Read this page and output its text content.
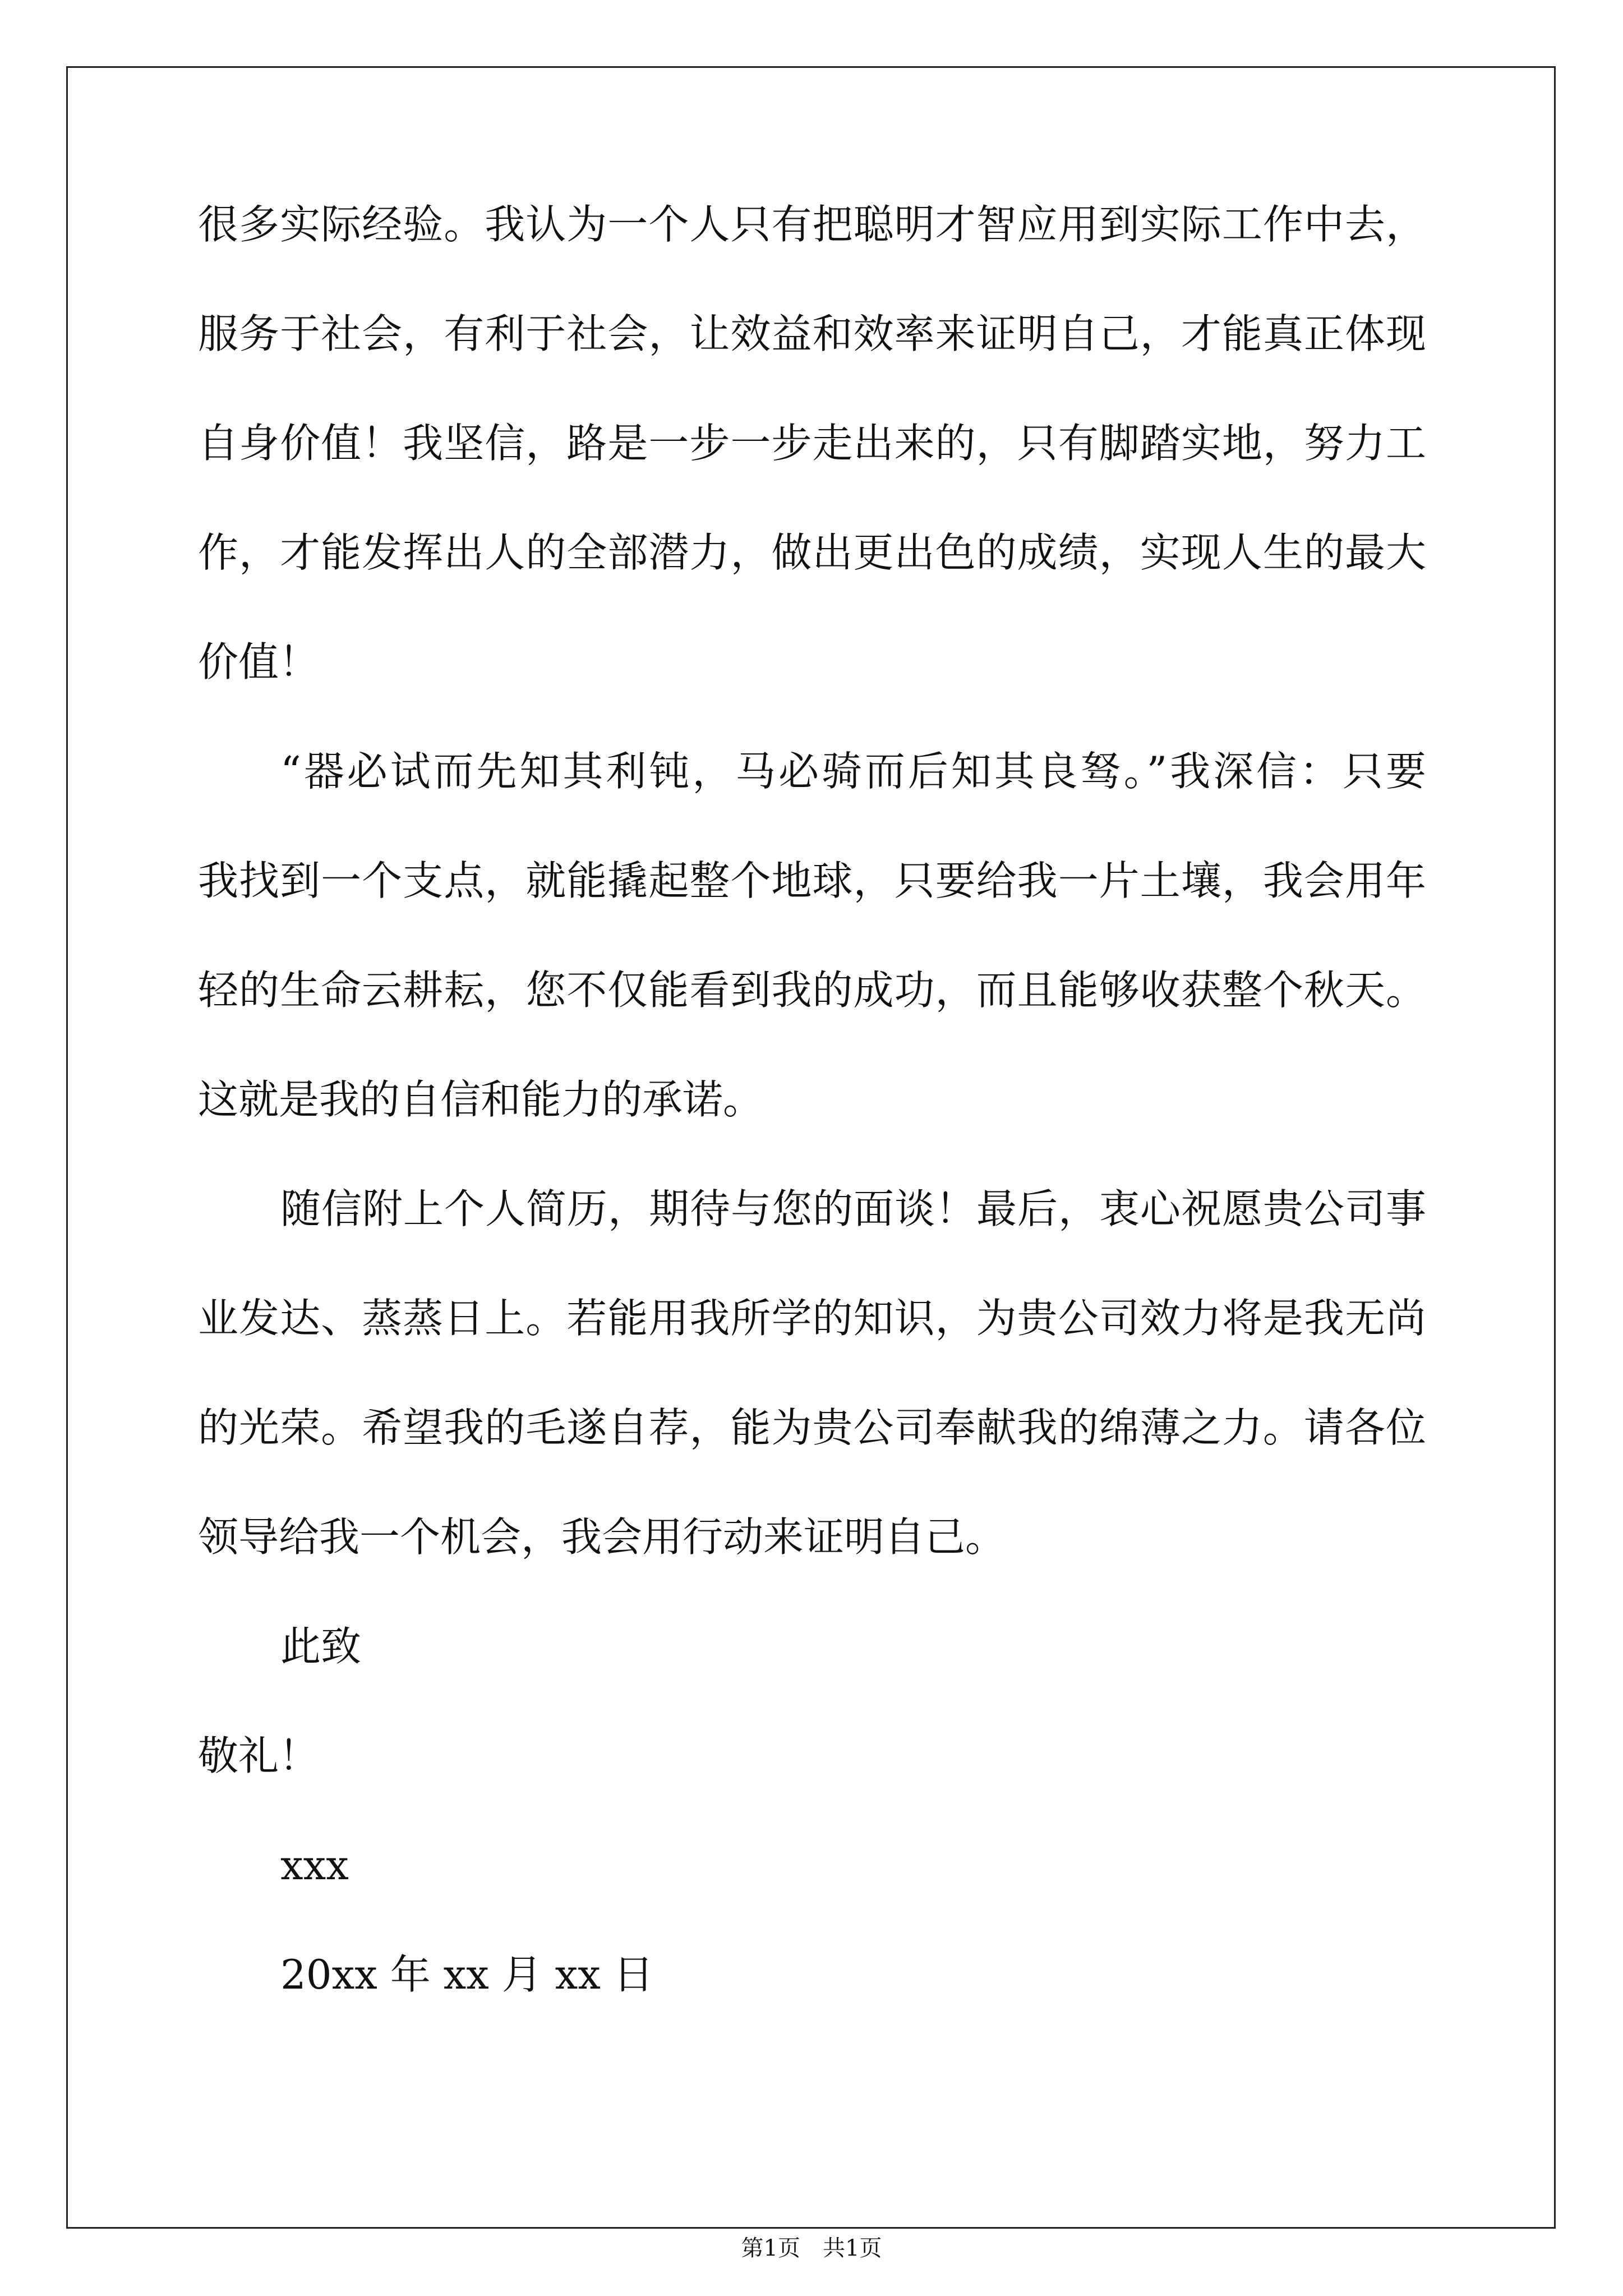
很多实际经验。我认为一个人只有把聪明才智应用到实际工作中去，
服务于社会，有利于社会，让效益和效率来证明自己，才能真正体现
自身价值！我坚信，路是一步一步走出来的，只有脚踏实地，努力工
作，才能发挥出人的全部潜力，做出更出色的成绩，实现人生的最大
价值！
“器必试而先知其利钝，马必骑而后知其良驽。”我深信：只要
我找到一个支点，就能撬起整个地球，只要给我一片土壤，我会用年
轻的生命云耕耘，您不仅能看到我的成功，而且能够收获整个秋天。
这就是我的自信和能力的承诺。
随信附上个人简历，期待与您的面谈！最后，衷心祝愿贵公司事
业发达、蒸蒸日上。若能用我所学的知识，为贵公司效力将是我无尚
的光荣。希望我的毛遂自荐，能为贵公司奉献我的绵薄之力。请各位
领导给我一个机会，我会用行动来证明自己。
此致
敬礼！
xxx
20xx 年 xx 月 xx 日
第1页　共1页
